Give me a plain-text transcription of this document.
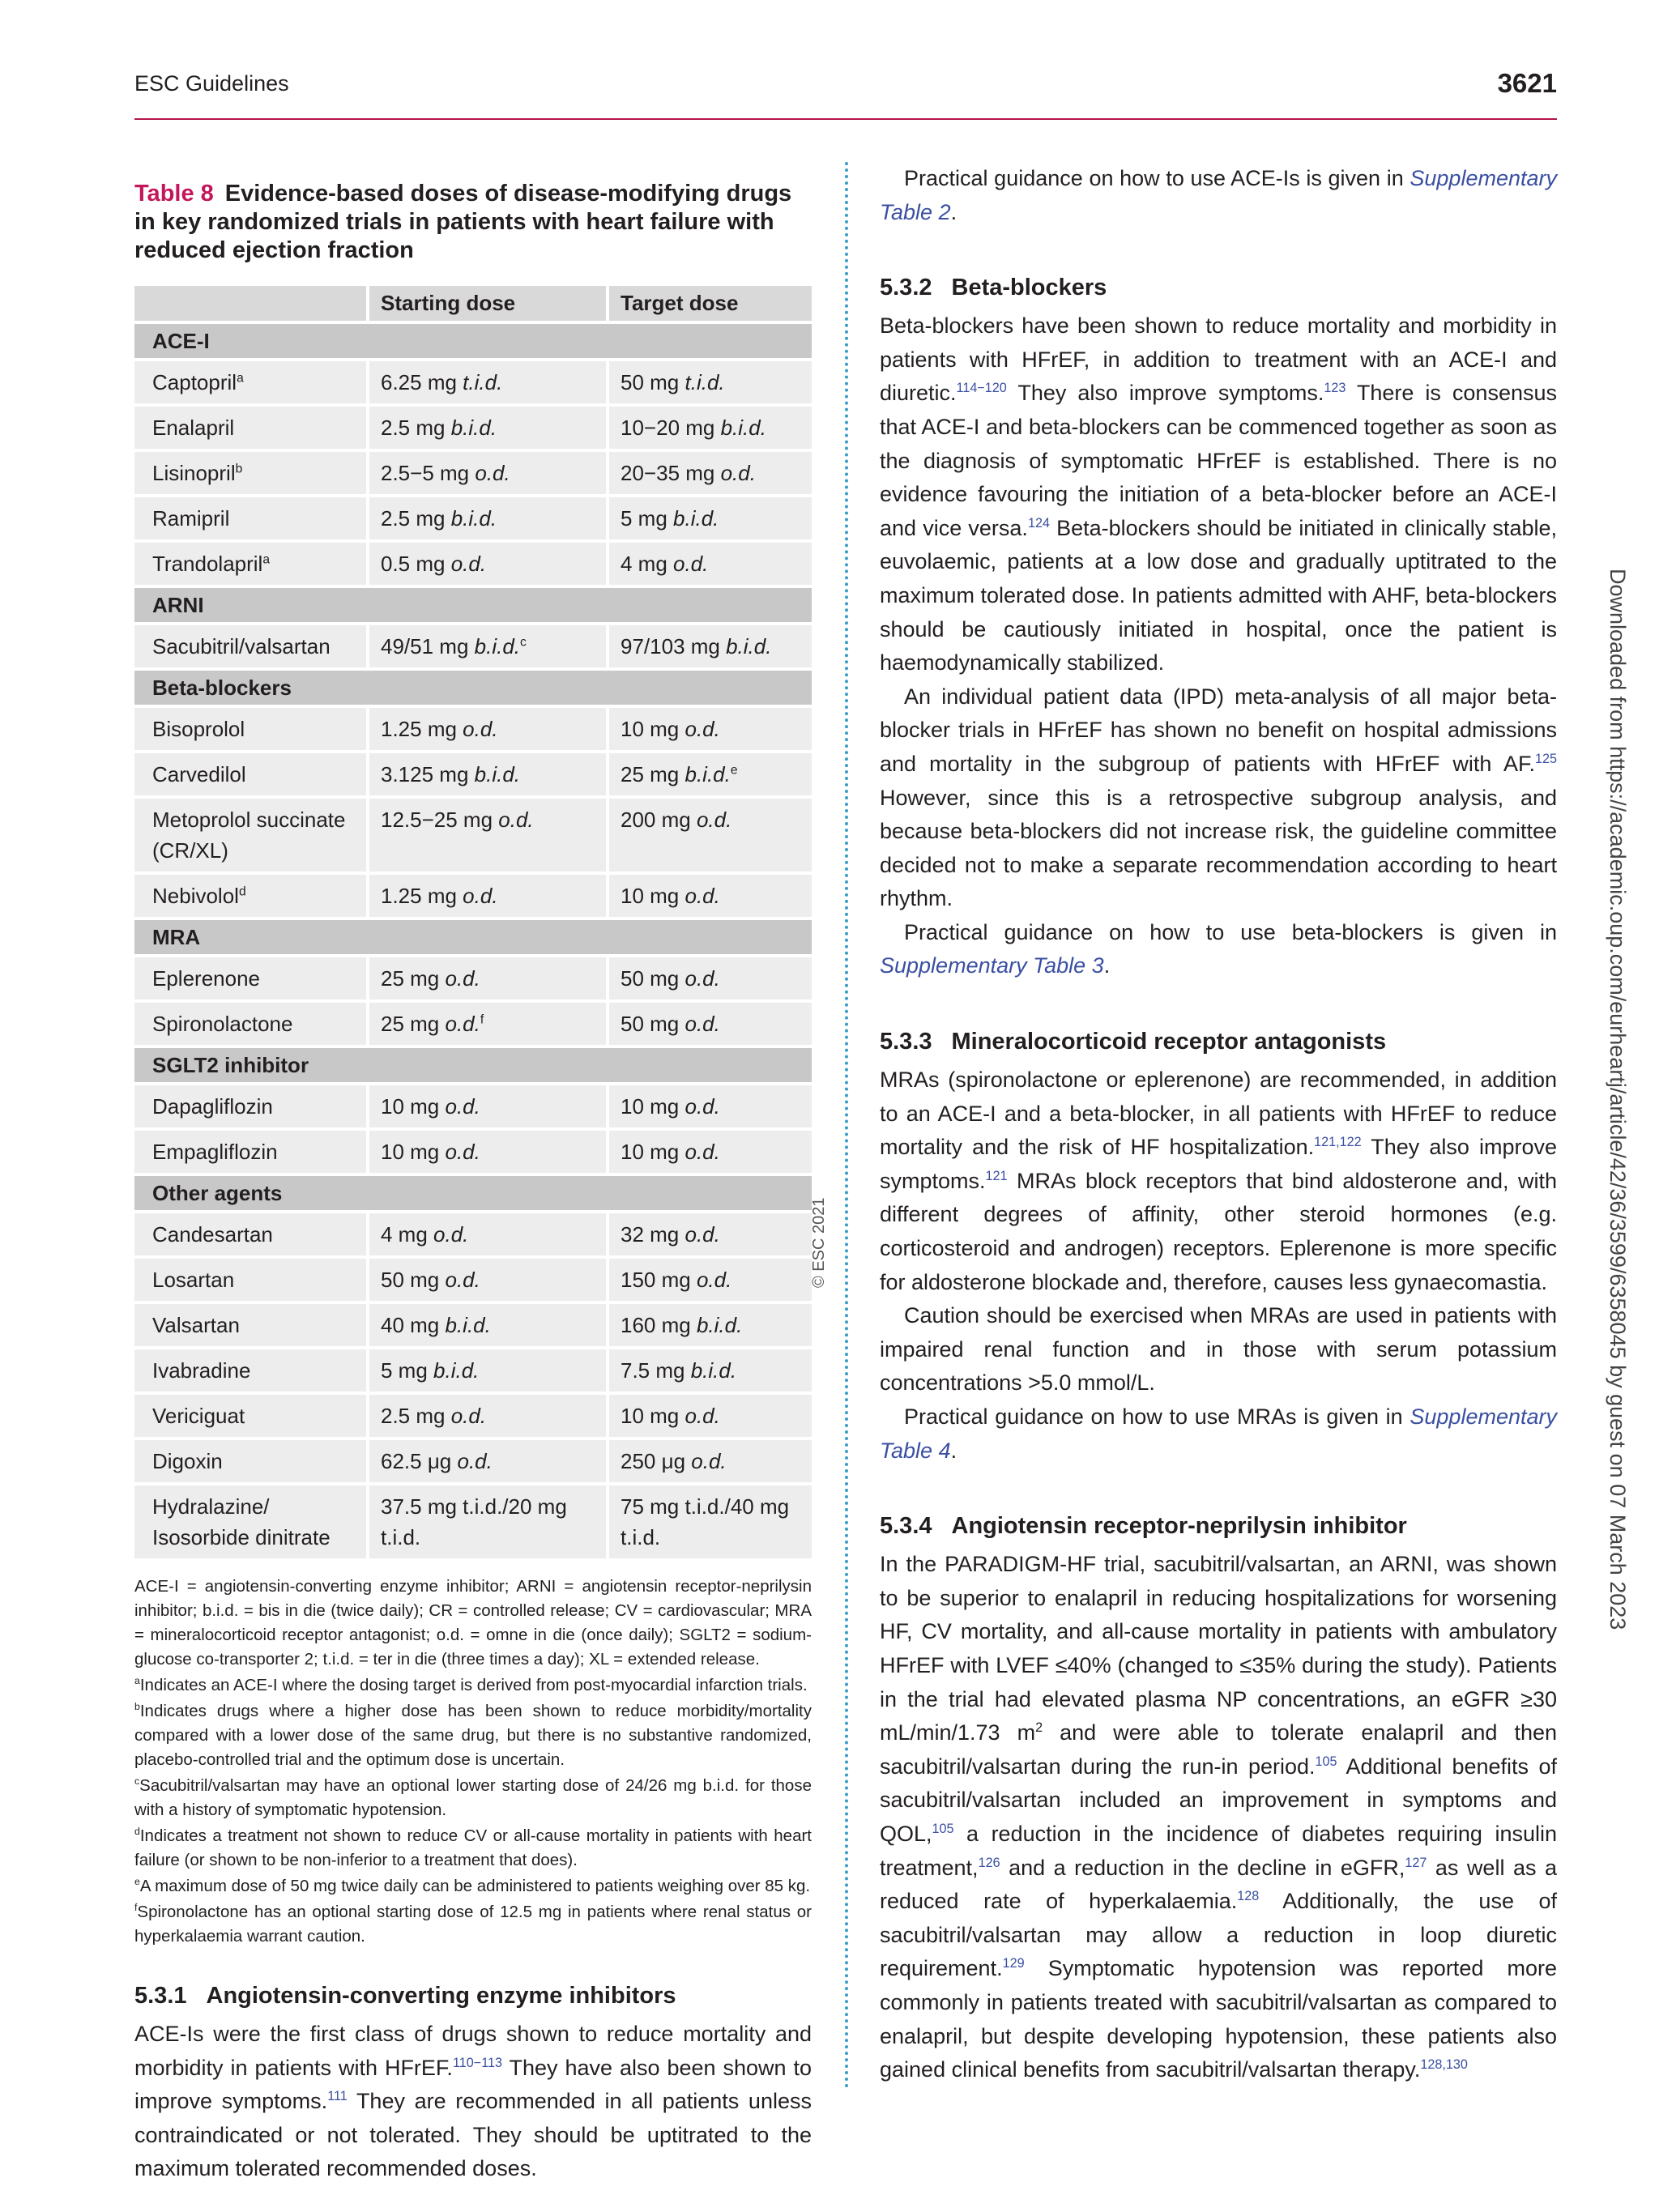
ESC Guidelines	3621
Table 8 Evidence-based doses of disease-modifying drugs in key randomized trials in patients with heart failure with reduced ejection fraction
	Starting dose	Target dose
ACE-I		
Captopril$^a$	6.25 mg t.i.d.	50 mg t.i.d.
Enalapril	2.5 mg b.i.d.	10−20 mg b.i.d.
Lisinopril$^b$	2.5−5 mg o.d.	20−35 mg o.d.
Ramipril	2.5 mg b.i.d.	5 mg b.i.d.
Trandolapril$^a$	0.5 mg o.d.	4 mg o.d.
ARNI		
Sacubitril/valsartan	49/51 mg b.i.d.$^c$	97/103 mg b.i.d.
Beta-blockers		
Bisoprolol	1.25 mg o.d.	10 mg o.d.
Carvedilol	3.125 mg b.i.d.	25 mg b.i.d.$^e$
Metoprolol succinate (CR/XL)	12.5−25 mg o.d.	200 mg o.d.
Nebivolol$^d$	1.25 mg o.d.	10 mg o.d.
MRA		
Eplerenone	25 mg o.d.	50 mg o.d.
Spironolactone	25 mg o.d.$^f$	50 mg o.d.
SGLT2 inhibitor		
Dapagliflozin	10 mg o.d.	10 mg o.d.
Empagliflozin	10 mg o.d.	10 mg o.d.
Other agents		
Candesartan	4 mg o.d.	32 mg o.d.
Losartan	50 mg o.d.	150 mg o.d.
Valsartan	40 mg b.i.d.	160 mg b.i.d.
Ivabradine	5 mg b.i.d.	7.5 mg b.i.d.
Vericiguat	2.5 mg o.d.	10 mg o.d.
Digoxin	62.5 μg o.d.	250 μg o.d.
Hydralazine/ Isosorbide dinitrate	37.5 mg t.i.d./20 mg t.i.d.	75 mg t.i.d./40 mg t.i.d.

ACE-I = angiotensin-converting enzyme inhibitor; ARNI = angiotensin receptor-neprilysin inhibitor; b.i.d. = bis in die (twice daily); CR = controlled release; CV = cardiovascular; MRA = mineralocorticoid receptor antagonist; o.d. = omne in die (once daily); SGLT2 = sodium-glucose co-transporter 2; t.i.d. = ter in die (three times a day); XL = extended release.

$^a$Indicates an ACE-I where the dosing target is derived from post-myocardial infarction trials.

$^b$Indicates drugs where a higher dose has been shown to reduce morbidity/mortality compared with a lower dose of the same drug, but there is no substantive randomized, placebo-controlled trial and the optimum dose is uncertain.

$^c$Sacubitril/valsartan may have an optional lower starting dose of 24/26 mg b.i.d. for those with a history of symptomatic hypotension.

$^d$Indicates a treatment not shown to reduce CV or all-cause mortality in patients with heart failure (or shown to be non-inferior to a treatment that does).

$^e$A maximum dose of 50 mg twice daily can be administered to patients weighing over 85 kg.

$^f$Spironolactone has an optional starting dose of 12.5 mg in patients where renal status or hyperkalaemia warrant caution.

5.3.1 Angiotensin-converting enzyme inhibitors

ACE-Is were the first class of drugs shown to reduce mortality and morbidity in patients with HFrEF.$^{110-113}$ They have also been shown to improve symptoms.$^{111}$ They are recommended in all patients unless contraindicated or not tolerated. They should be uptitrated to the maximum tolerated recommended doses.

© ESC 2021

Practical guidance on how to use ACE-Is is given in Supplementary Table 2.

5.3.2 Beta-blockers

Beta-blockers have been shown to reduce mortality and morbidity in patients with HFrEF, in addition to treatment with an ACE-I and diuretic.$^{114-120}$ They also improve symptoms.$^{123}$ There is consensus that ACE-I and beta-blockers can be commenced together as soon as the diagnosis of symptomatic HFrEF is established. There is no evidence favouring the initiation of a beta-blocker before an ACE-I and vice versa.$^{124}$ Beta-blockers should be initiated in clinically stable, euvolaemic, patients at a low dose and gradually uptitrated to the maximum tolerated dose. In patients admitted with AHF, beta-blockers should be cautiously initiated in hospital, once the patient is haemodynamically stabilized.

An individual patient data (IPD) meta-analysis of all major beta-blocker trials in HFrEF has shown no benefit on hospital admissions and mortality in the subgroup of patients with HFrEF with AF.$^{125}$ However, since this is a retrospective subgroup analysis, and because beta-blockers did not increase risk, the guideline committee decided not to make a separate recommendation according to heart rhythm.

Practical guidance on how to use beta-blockers is given in Supplementary Table 3.

5.3.3 Mineralocorticoid receptor antagonists

MRAs (spironolactone or eplerenone) are recommended, in addition to an ACE-I and a beta-blocker, in all patients with HFrEF to reduce mortality and the risk of HF hospitalization.$^{121,122}$ They also improve symptoms.$^{121}$ MRAs block receptors that bind aldosterone and, with different degrees of affinity, other steroid hormones (e.g. corticosteroid and androgen) receptors. Eplerenone is more specific for aldosterone blockade and, therefore, causes less gynaecomastia.

Caution should be exercised when MRAs are used in patients with impaired renal function and in those with serum potassium concentrations >5.0 mmol/L.

Practical guidance on how to use MRAs is given in Supplementary Table 4.

5.3.4 Angiotensin receptor-neprilysin inhibitor

In the PARADIGM-HF trial, sacubitril/valsartan, an ARNI, was shown to be superior to enalapril in reducing hospitalizations for worsening HF, CV mortality, and all-cause mortality in patients with ambulatory HFrEF with LVEF ≤40% (changed to ≤35% during the study). Patients in the trial had elevated plasma NP concentrations, an eGFR ≥30 mL/min/1.73 $m^2$ and were able to tolerate enalapril and then sacubitril/valsartan during the run-in period.$^{105}$ Additional benefits of sacubitril/valsartan included an improvement in symptoms and QOL,$^{105}$ a reduction in the incidence of diabetes requiring insulin treatment,$^{126}$ and a reduction in the decline in eGFR,$^{127}$ as well as a reduced rate of hyperkalaemia.$^{128}$ Additionally, the use of sacubitril/valsartan may allow a reduction in loop diuretic requirement.$^{129}$ Symptomatic hypotension was reported more commonly in patients treated with sacubitril/valsartan as compared to enalapril, but despite developing hypotension, these patients also gained clinical benefits from sacubitril/valsartan therapy.$^{128,130}$

Downloaded from https://academic.oup.com/eurheartj/article/42/36/3599/6358045 by guest on 07 March 2023
